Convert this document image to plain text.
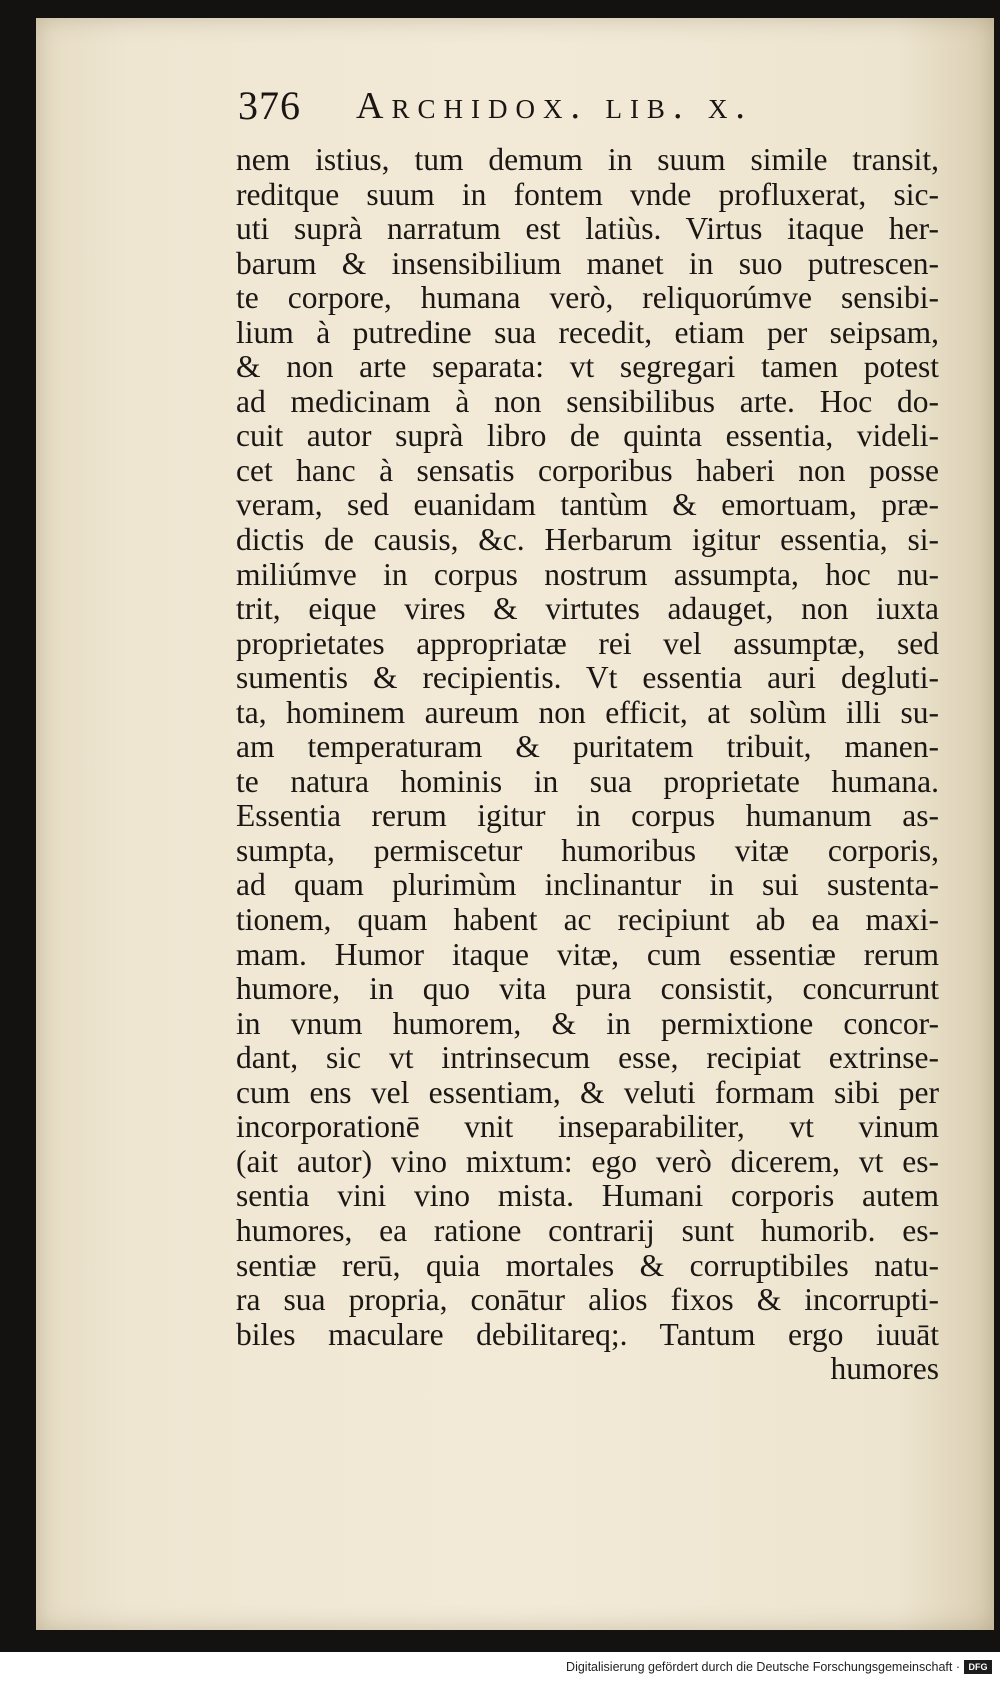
376 Archidox. lib. x.
nem istius, tum demum in suum simile transit,
reditque suum in fontem vnde profluxerat, sic-
uti suprà narratum est latiùs. Virtus itaque her-
barum & insensibilium manet in suo putrescen-
te corpore, humana verò, reliquorúmve sensibi-
lium à putredine sua recedit, etiam per seipsam,
& non arte separata: vt segregari tamen potest
ad medicinam à non sensibilibus arte. Hoc do-
cuit autor suprà libro de quinta essentia, videli-
cet hanc à sensatis corporibus haberi non posse
veram, sed euanidam tantùm & emortuam, præ-
dictis de causis, &c. Herbarum igitur essentia, si-
miliúmve in corpus nostrum assumpta, hoc nu-
trit, eique vires & virtutes adauget, non iuxta
proprietates appropriatæ rei vel assumptæ, sed
sumentis & recipientis. Vt essentia auri degluti-
ta, hominem aureum non efficit, at solùm illi su-
am temperaturam & puritatem tribuit, manen-
te natura hominis in sua proprietate humana.
Essentia rerum igitur in corpus humanum as-
sumpta, permiscetur humoribus vitæ corporis,
ad quam plurimùm inclinantur in sui sustenta-
tionem, quam habent ac recipiunt ab ea maxi-
mam. Humor itaque vitæ, cum essentiæ rerum
humore, in quo vita pura consistit, concurrunt
in vnum humorem, & in permixtione concor-
dant, sic vt intrinsecum esse, recipiat extrinse-
cum ens vel essentiam, & veluti formam sibi per
incorporationē vnit inseparabiliter, vt vinum
(ait autor) vino mixtum: ego verò dicerem, vt es-
sentia vini vino mista. Humani corporis autem
humores, ea ratione contrarij sunt humorib. es-
sentiæ rerū, quia mortales & corruptibiles natu-
ra sua propria, conātur alios fixos & incorrupti-
biles maculare debilitareq;. Tantum ergo iuuāt
humores
Digitalisierung gefördert durch die Deutsche Forschungsgemeinschaft · DFG
